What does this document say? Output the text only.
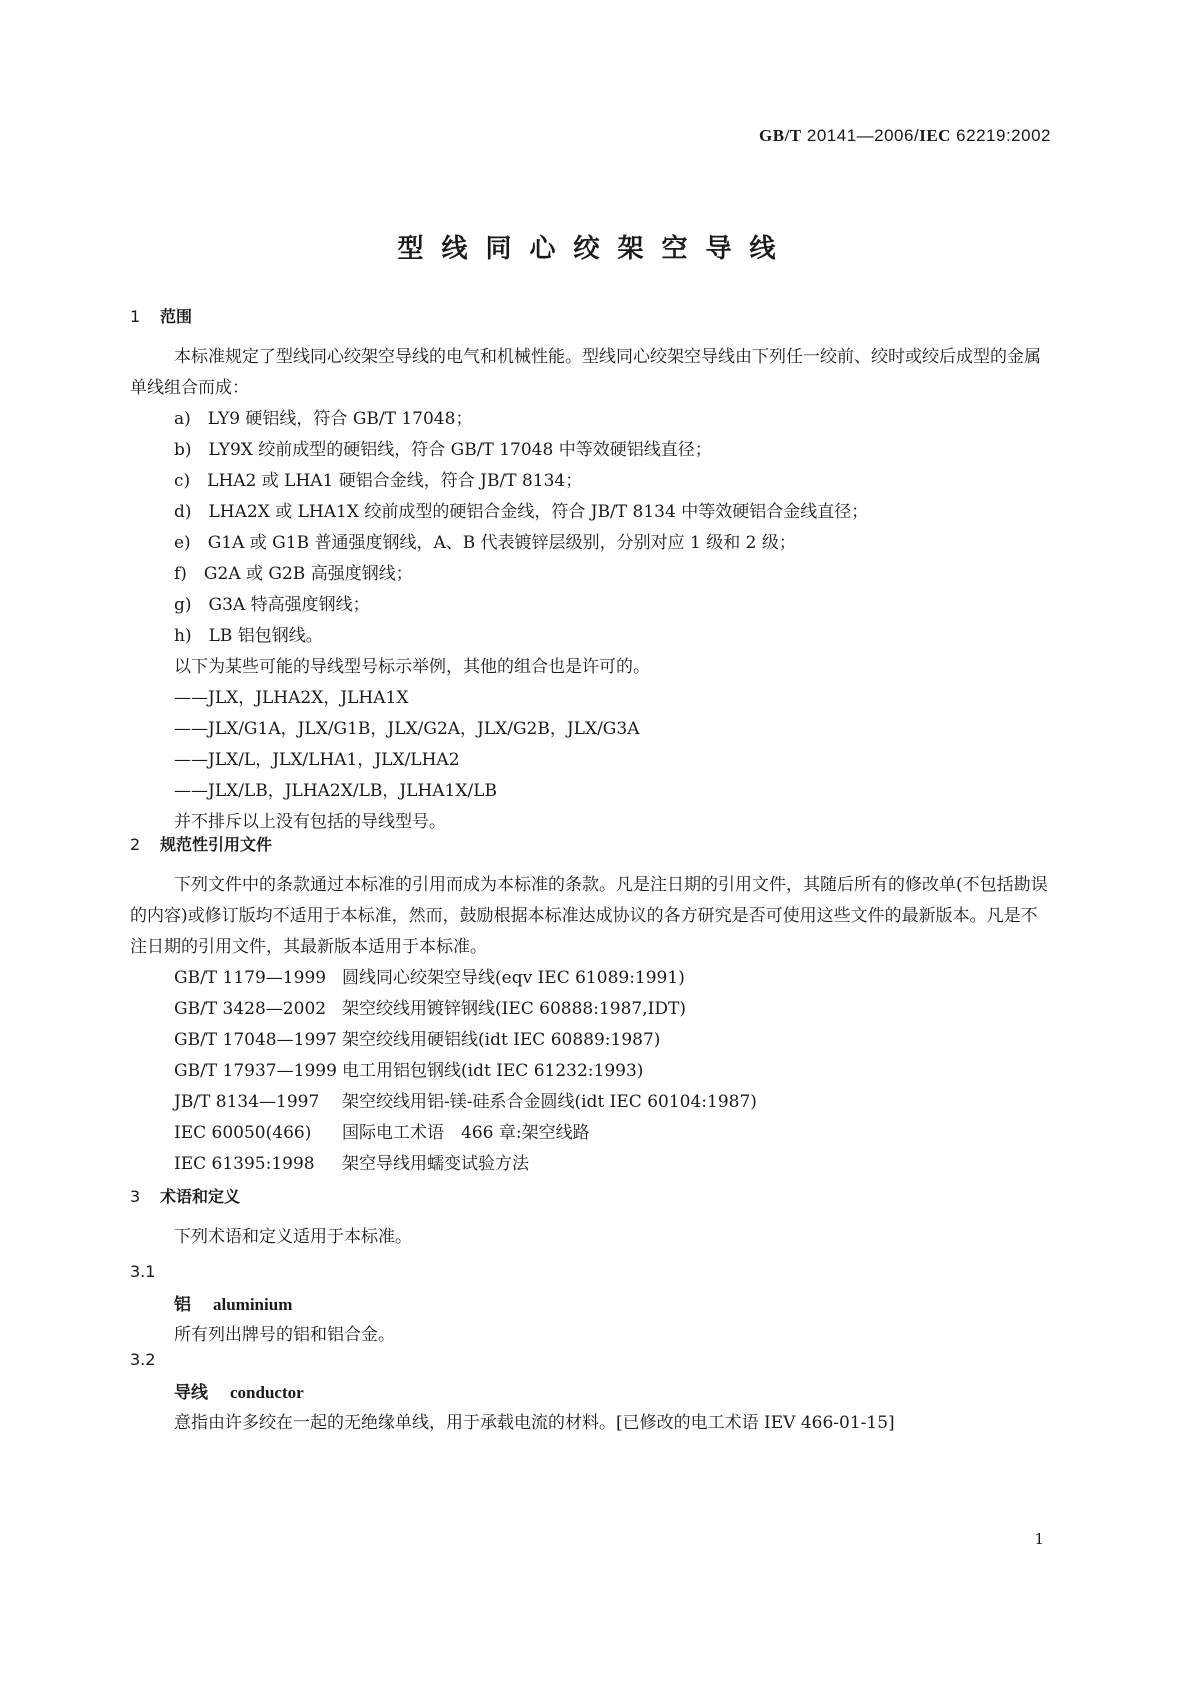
GB/T 20141—2006/IEC 62219:2002
型线同心绞架空导线
1 范围

本标准规定了型线同心绞架空导线的电气和机械性能。型线同心绞架空导线由下列任一绞前、绞时或绞后成型的金属单线组合而成：

a)　LY9 硬铝线，符合 GB/T 17048；
b)　LY9X 绞前成型的硬铝线，符合 GB/T 17048 中等效硬铝线直径；
c)　LHA2 或 LHA1 硬铝合金线，符合 JB/T 8134；
d)　LHA2X 或 LHA1X 绞前成型的硬铝合金线，符合 JB/T 8134 中等效硬铝合金线直径；
e)　G1A 或 G1B 普通强度钢线，A、B 代表镀锌层级别，分别对应 1 级和 2 级；
f)　G2A 或 G2B 高强度钢线；
g)　G3A 特高强度钢线；
h)　LB 铝包钢线。
以下为某些可能的导线型号标示举例，其他的组合也是许可的。
——JLX，JLHA2X，JLHA1X
——JLX/G1A，JLX/G1B，JLX/G2A，JLX/G2B，JLX/G3A
——JLX/L，JLX/LHA1，JLX/LHA2
——JLX/LB，JLHA2X/LB，JLHA1X/LB
并不排斥以上没有包括的导线型号。
2 规范性引用文件

下列文件中的条款通过本标准的引用而成为本标准的条款。凡是注日期的引用文件，其随后所有的修改单(不包括勘误的内容)或修订版均不适用于本标准，然而，鼓励根据本标准达成协议的各方研究是否可使用这些文件的最新版本。凡是不注日期的引用文件，其最新版本适用于本标准。

GB/T 1179—1999 圆线同心绞架空导线(eqv IEC 61089:1991)
GB/T 3428—2002 架空绞线用镀锌钢线(IEC 60888:1987,IDT)
GB/T 17048—1997 架空绞线用硬铝线(idt IEC 60889:1987)
GB/T 17937—1999 电工用铝包钢线(idt IEC 61232:1993)
JB/T 8134—1997 架空绞线用铝-镁-硅系合金圆线(idt IEC 60104:1987)
IEC 60050(466) 国际电工术语　466 章:架空线路
IEC 61395:1998 架空导线用蠕变试验方法
3 术语和定义
下列术语和定义适用于本标准。
3.1
铝 aluminium
所有列出牌号的铝和铝合金。
3.2
导线 conductor
意指由许多绞在一起的无绝缘单线，用于承载电流的材料。[已修改的电工术语 IEV 466-01-15]
1
